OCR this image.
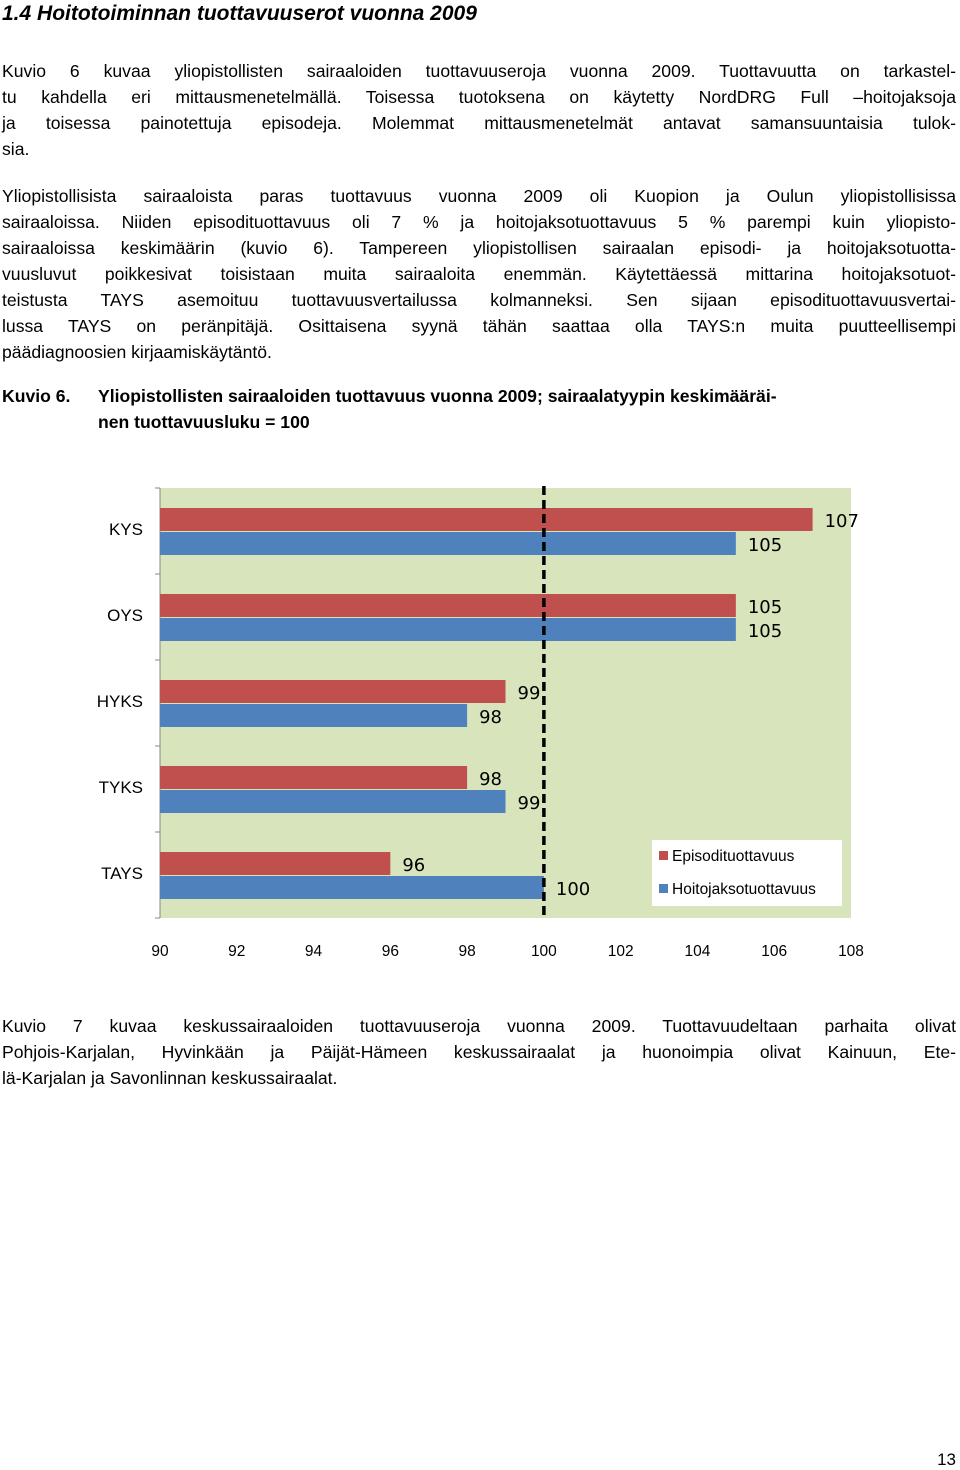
1.4 Hoitotoiminnan tuottavuuserot vuonna 2009
Kuvio 6 kuvaa yliopistollisten sairaaloiden tuottavuuseroja vuonna 2009. Tuottavuutta on tarkastel-
tu kahdella eri mittausmenetelmällä. Toisessa tuotoksena on käytetty NordDRG Full –hoitojaksoja
ja toisessa painotettuja episodeja. Molemmat mittausmenetelmät antavat samansuuntaisia tulok-
sia.
Yliopistollisista sairaaloista paras tuottavuus vuonna 2009 oli Kuopion ja Oulun yliopistollisissa
sairaaloissa. Niiden episodituottavuus oli 7 % ja hoitojaksotuottavuus 5 % parempi kuin yliopisto-
sairaaloissa keskimäärin (kuvio 6). Tampereen yliopistollisen sairaalan episodi- ja hoitojaksotuotta-
vuusluvut poikkesivat toisistaan muita sairaaloita enemmän. Käytettäessä mittarina hoitojaksotuot-
teistusta TAYS asemoituu tuottavuusvertailussa kolmanneksi. Sen sijaan episodituottavuusvertai-
lussa TAYS on peränpitäjä. Osittaisena syynä tähän saattaa olla TAYS:n muita puutteellisempi
päädiagnoosien kirjaamiskäytäntö.
Kuvio 6. Yliopistollisten sairaaloiden tuottavuus vuonna 2009; sairaalatyypin keskimääräi-
nen tuottavuusluku = 100
KYS	107
105
OYS	105
105
HYKS	99
98
TYKS	98
99
TAYS	96
100
90	92	94	96	98	100	102	104	106	108
Episodituottavuus
Hoitojaksotuottavuus
Kuvio 7 kuvaa keskussairaaloiden tuottavuuseroja vuonna 2009. Tuottavuudeltaan parhaita olivat
Pohjois-Karjalan, Hyvinkään ja Päijät-Hämeen keskussairaalat ja huonoimpia olivat Kainuun, Ete-
lä-Karjalan ja Savonlinnan keskussairaalat.
13
